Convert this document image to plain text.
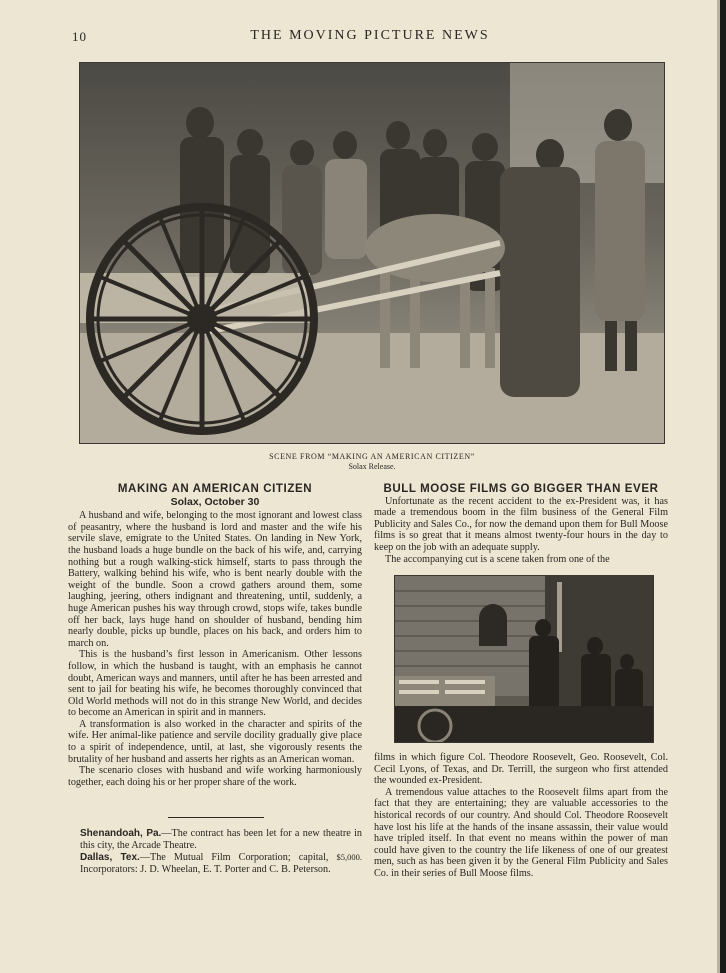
10	THE MOVING PICTURE NEWS
SCENE FROM “MAKING AN AMERICAN CITIZEN”
Solax Release.
MAKING AN AMERICAN CITIZEN
Solax, October 30

A husband and wife, belonging to the most ignorant and lowest class of peasantry, where the husband is lord and master and the wife his servile slave, emigrate to the United States. On landing in New York, the husband loads a huge bundle on the back of his wife, and, carrying nothing but a rough walking-stick himself, starts to pass through the Battery, walking behind his wife, who is bent nearly double with the weight of the bundle. Soon a crowd gathers around them, some laughing, jeering, others indignant and threatening, until, suddenly, a huge American pushes his way through crowd, stops wife, takes bundle off her back, lays huge hand on shoulder of husband, bending him nearly double, picks up bundle, places on his back, and orders him to march on.

This is the husband’s first lesson in Americanism. Other lessons follow, in which the husband is taught, with an emphasis he cannot doubt, American ways and manners, until after he has been arrested and sent to jail for beating his wife, he becomes thoroughly convinced that Old World methods will not do in this strange New World, and decides to become an American in spirit and in manners.

A transformation is also worked in the character and spirits of the wife. Her animal-like patience and servile docility gradually give place to a spirit of independence, until, at last, she vigorously resents the brutality of her husband and asserts her rights as an American woman.

The scenario closes with husband and wife working harmoniously together, each doing his or her proper share of the work.

Shenandoah, Pa.—The contract has been let for a new theatre in this city, the Arcade Theatre.

Dallas, Tex.—The Mutual Film Corporation; capital, $5,000. Incorporators: J. D. Wheelan, E. T. Porter and C. B. Peterson.

BULL MOOSE FILMS GO BIGGER THAN EVER

Unfortunate as the recent accident to the ex-President was, it has made a tremendous boom in the film business of the General Film Publicity and Sales Co., for now the demand upon them for Bull Moose films is so great that it means almost twenty-four hours in the day to keep on the job with an adequate supply.

The accompanying cut is a scene taken from one of the

films in which figure Col. Theodore Roosevelt, Geo. Roosevelt, Col. Cecil Lyons, of Texas, and Dr. Terrill, the surgeon who first attended the wounded ex-President.

A tremendous value attaches to the Roosevelt films apart from the fact that they are entertaining; they are valuable accessories to the historical records of our country. And should Col. Theodore Roosevelt have lost his life at the hands of the insane assassin, their value would have tripled itself. In that event no means within the power of man could have given to the country the life likeness of one of our greatest men, such as has been given it by the General Film Publicity and Sales Co. in their series of Bull Moose films.
